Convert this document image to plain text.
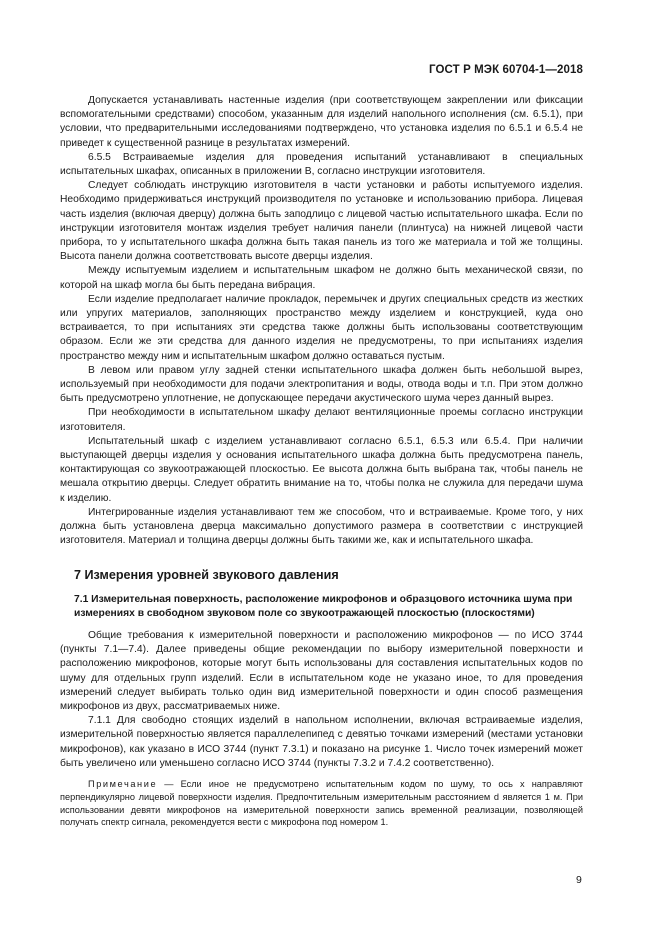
ГОСТ Р МЭК 60704-1—2018

Допускается устанавливать настенные изделия (при соответствующем закреплении или фиксации вспомогательными средствами) способом, указанным для изделий напольного исполнения (см. 6.5.1), при условии, что предварительными исследованиями подтверждено, что установка изделия по 6.5.1 и 6.5.4 не приведет к существенной разнице в результатах измерений.

6.5.5 Встраиваемые изделия для проведения испытаний устанавливают в специальных испытательных шкафах, описанных в приложении В, согласно инструкции изготовителя.

Следует соблюдать инструкцию изготовителя в части установки и работы испытуемого изделия. Необходимо придерживаться инструкций производителя по установке и использованию прибора. Лицевая часть изделия (включая дверцу) должна быть заподлицо с лицевой частью испытательного шкафа. Если по инструкции изготовителя монтаж изделия требует наличия панели (плинтуса) на нижней лицевой части прибора, то у испытательного шкафа должна быть такая панель из того же материала и той же толщины. Высота панели должна соответствовать высоте дверцы изделия.

Между испытуемым изделием и испытательным шкафом не должно быть механической связи, по которой на шкаф могла бы быть передана вибрация.

Если изделие предполагает наличие прокладок, перемычек и других специальных средств из жестких или упругих материалов, заполняющих пространство между изделием и конструкцией, куда оно встраивается, то при испытаниях эти средства также должны быть использованы соответствующим образом. Если же эти средства для данного изделия не предусмотрены, то при испытаниях изделия пространство между ним и испытательным шкафом должно оставаться пустым.

В левом или правом углу задней стенки испытательного шкафа должен быть небольшой вырез, используемый при необходимости для подачи электропитания и воды, отвода воды и т.п. При этом должно быть предусмотрено уплотнение, не допускающее передачи акустического шума через данный вырез.

При необходимости в испытательном шкафу делают вентиляционные проемы согласно инструкции изготовителя.

Испытательный шкаф с изделием устанавливают согласно 6.5.1, 6.5.3 или 6.5.4. При наличии выступающей дверцы изделия у основания испытательного шкафа должна быть предусмотрена панель, контактирующая со звукоотражающей плоскостью. Ее высота должна быть выбрана так, чтобы панель не мешала открытию дверцы. Следует обратить внимание на то, чтобы полка не служила для передачи шума к изделию.

Интегрированные изделия устанавливают тем же способом, что и встраиваемые. Кроме того, у них должна быть установлена дверца максимально допустимого размера в соответствии с инструкцией изготовителя. Материал и толщина дверцы должны быть такими же, как и испытательного шкафа.

7 Измерения уровней звукового давления
7.1 Измерительная поверхность, расположение микрофонов и образцового источника шума при измерениях в свободном звуковом поле со звукоотражающей плоскостью (плоскостями)

Общие требования к измерительной поверхности и расположению микрофонов — по ИСО 3744 (пункты 7.1—7.4). Далее приведены общие рекомендации по выбору измерительной поверхности и расположению микрофонов, которые могут быть использованы для составления испытательных кодов по шуму для отдельных групп изделий. Если в испытательном коде не указано иное, то для проведения измерений следует выбирать только один вид измерительной поверхности и один способ размещения микрофонов из двух, рассматриваемых ниже.

7.1.1 Для свободно стоящих изделий в напольном исполнении, включая встраиваемые изделия, измерительной поверхностью является параллелепипед с девятью точками измерений (местами установки микрофонов), как указано в ИСО 3744 (пункт 7.3.1) и показано на рисунке 1. Число точек измерений может быть увеличено или уменьшено согласно ИСО 3744 (пункты 7.3.2 и 7.4.2 соответственно).

Примечание — Если иное не предусмотрено испытательным кодом по шуму, то ось x направляют перпендикулярно лицевой поверхности изделия. Предпочтительным измерительным расстоянием d является 1 м. При использовании девяти микрофонов на измерительной поверхности запись временной реализации, позволяющей получать спектр сигнала, рекомендуется вести с микрофона под номером 1.

9
